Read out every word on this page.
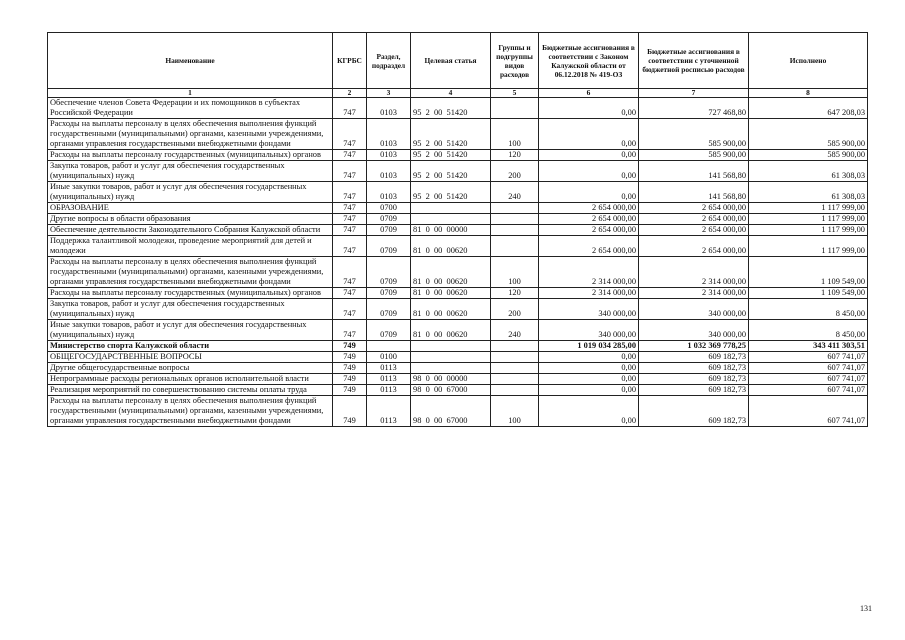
Наименование	КГРБС	Раздел, подраздел	Целевая статья	Группы и подгруппы видов расходов	Бюджетные ассигнования в соответствии с Законом Калужской области от 06.12.2018 № 419-ОЗ	Бюджетные ассигнования в соответствии с уточненной бюджетной росписью расходов	Исполнено
1	2	3	4	5	6	7	8
Обеспечение членов Совета Федерации и их помощников в субъектах Российской Федерации	747	0103	95  2  00  51420		0,00	727 468,80	647 208,03
Расходы на выплаты персоналу в целях обеспечения выполнения функций государственными (муниципальными) органами, казенными учреждениями, органами управления государственными внебюджетными фондами	747	0103	95  2  00  51420	100	0,00	585 900,00	585 900,00
Расходы на выплаты персоналу государственных (муниципальных) органов	747	0103	95  2  00  51420	120	0,00	585 900,00	585 900,00
Закупка товаров, работ и услуг для обеспечения государственных (муниципальных) нужд	747	0103	95  2  00  51420	200	0,00	141 568,80	61 308,03
Иные закупки товаров, работ и услуг для обеспечения государственных (муниципальных) нужд	747	0103	95  2  00  51420	240	0,00	141 568,80	61 308,03
ОБРАЗОВАНИЕ	747	0700			2 654 000,00	2 654 000,00	1 117 999,00
Другие вопросы в области образования	747	0709			2 654 000,00	2 654 000,00	1 117 999,00
Обеспечение деятельности Законодательного Собрания Калужской области	747	0709	81  0  00  00000		2 654 000,00	2 654 000,00	1 117 999,00
Поддержка талантливой молодежи, проведение мероприятий для детей и молодежи	747	0709	81  0  00  00620		2 654 000,00	2 654 000,00	1 117 999,00
Расходы на выплаты персоналу в целях обеспечения выполнения функций государственными (муниципальными) органами, казенными учреждениями, органами управления государственными внебюджетными фондами	747	0709	81  0  00  00620	100	2 314 000,00	2 314 000,00	1 109 549,00
Расходы на выплаты персоналу государственных (муниципальных) органов	747	0709	81  0  00  00620	120	2 314 000,00	2 314 000,00	1 109 549,00
Закупка товаров, работ и услуг для обеспечения государственных (муниципальных) нужд	747	0709	81  0  00  00620	200	340 000,00	340 000,00	8 450,00
Иные закупки товаров, работ и услуг для обеспечения государственных (муниципальных) нужд	747	0709	81  0  00  00620	240	340 000,00	340 000,00	8 450,00
Министерство спорта Калужской области	749				1 019 034 285,00	1 032 369 778,25	343 411 303,51
ОБЩЕГОСУДАРСТВЕННЫЕ ВОПРОСЫ	749	0100			0,00	609 182,73	607 741,07
Другие общегосударственные вопросы	749	0113			0,00	609 182,73	607 741,07
Непрограммные расходы региональных органов исполнительной власти	749	0113	98  0  00  00000		0,00	609 182,73	607 741,07
Реализация мероприятий по совершенствованию системы оплаты труда	749	0113	98  0  00  67000		0,00	609 182,73	607 741,07
Расходы на выплаты персоналу в целях обеспечения выполнения функций государственными (муниципальными) органами, казенными учреждениями, органами управления государственными внебюджетными фондами	749	0113	98  0  00  67000	100	0,00	609 182,73	607 741,07
131
